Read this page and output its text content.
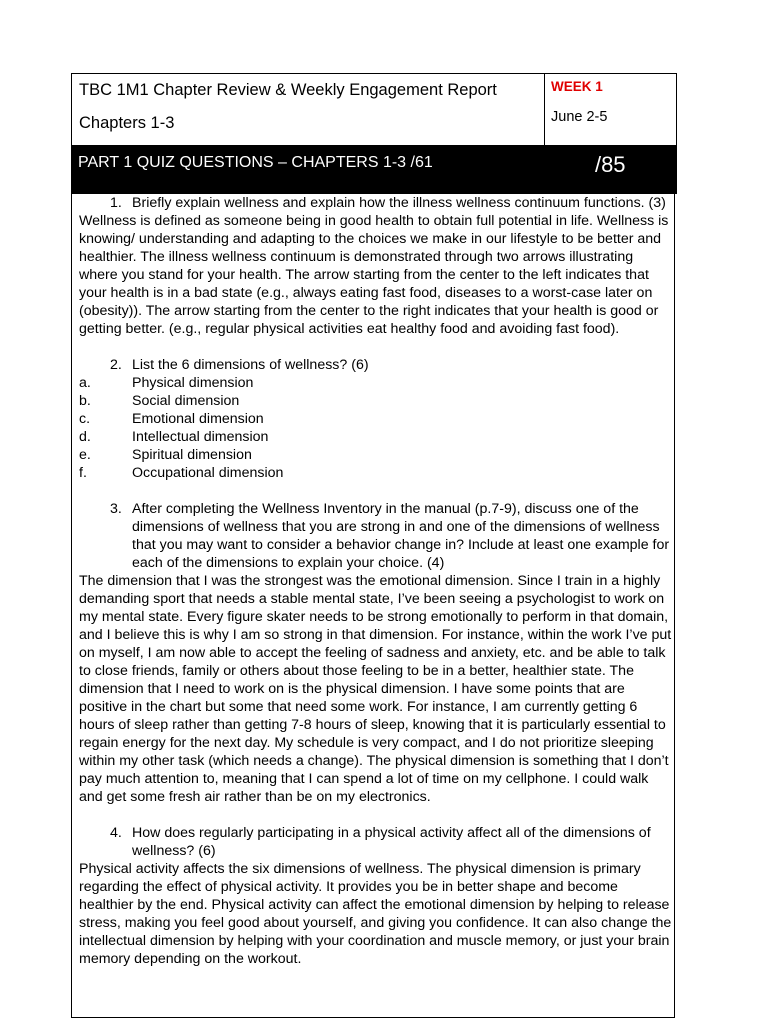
TBC 1M1 Chapter Review & Weekly Engagement Report
Chapters 1-3	WEEK 1
June 2-5

PART 1 QUIZ QUESTIONS – CHAPTERS 1-3 /61	/85
1. Briefly explain wellness and explain how the illness wellness continuum functions. (3)

Wellness is defined as someone being in good health to obtain full potential in life. Wellness is knowing/ understanding and adapting to the choices we make in our lifestyle to be better and healthier. The illness wellness continuum is demonstrated through two arrows illustrating where you stand for your health. The arrow starting from the center to the left indicates that your health is in a bad state (e.g., always eating fast food, diseases to a worst-case later on (obesity)). The arrow starting from the center to the right indicates that your health is good or getting better. (e.g., regular physical activities eat healthy food and avoiding fast food).

2. List the 6 dimensions of wellness? (6)
a.	Physical dimension
b.	Social dimension
c.	Emotional dimension
d.	Intellectual dimension
e.	Spiritual dimension
f.	Occupational dimension
3. After completing the Wellness Inventory in the manual (p.7-9), discuss one of the dimensions of wellness that you are strong in and one of the dimensions of wellness that you may want to consider a behavior change in? Include at least one example for each of the dimensions to explain your choice. (4)

The dimension that I was the strongest was the emotional dimension. Since I train in a highly demanding sport that needs a stable mental state, I’ve been seeing a psychologist to work on my mental state. Every figure skater needs to be strong emotionally to perform in that domain, and I believe this is why I am so strong in that dimension. For instance, within the work I’ve put on myself, I am now able to accept the feeling of sadness and anxiety, etc. and be able to talk to close friends, family or others about those feeling to be in a better, healthier state. The dimension that I need to work on is the physical dimension. I have some points that are positive in the chart but some that need some work. For instance, I am currently getting 6 hours of sleep rather than getting 7-8 hours of sleep, knowing that it is particularly essential to regain energy for the next day. My schedule is very compact, and I do not prioritize sleeping within my other task (which needs a change). The physical dimension is something that I don’t pay much attention to, meaning that I can spend a lot of time on my cellphone. I could walk and get some fresh air rather than be on my electronics.

4. How does regularly participating in a physical activity affect all of the dimensions of wellness? (6)

Physical activity affects the six dimensions of wellness. The physical dimension is primary regarding the effect of physical activity. It provides you be in better shape and become healthier by the end. Physical activity can affect the emotional dimension by helping to release stress, making you feel good about yourself, and giving you confidence. It can also change the intellectual dimension by helping with your coordination and muscle memory, or just your brain memory depending on the workout.
